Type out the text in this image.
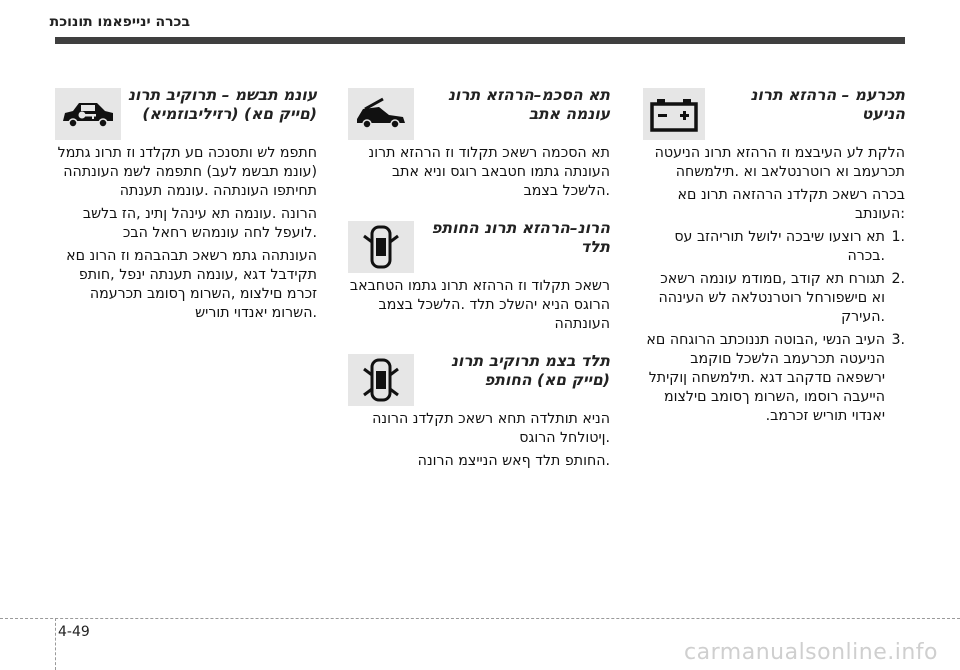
בכרה ינייפאמו תונוכת
תכרעמ – הרהזא תרונ הניעט

הלקת לע העיבצמ וז הרהזא תרונ הניעטה תכרעמב וא רוטרנטלאב וא .תילמשחה

בכרה רשאכ תקלדנ הרהזאה תרונ םא :העונתב

.1
תא רוצעו שיבכה ילושל תוריהזב עס .בכרה
.2
תגורח תא קודב ,םמודמ עונמה רשאכ וא םישפורחל רוטרנטלאה לש העינהה .העירק
.3
העיב הנשי ,הבוטה תננוכתב הרוגחה םא הניעטה תכרעמב הלשכל םוקמב ירשפאה םדקהב דגא .תילמשחה ןוקיתל הייעבה רוסמו ,השרומ ךסומב םילצומ יאנדוי תוריש זכרמב.
תא הסכמ–הרהזא תרונ עונמה אתב

תא הסכמה רשאכ תקלוד וז הרהזא תרונ העונתה גתמו חטבאב רוגס וניא אתב .הלשכל בצמב

הרונ–הרהזא תרונ החותפ תלד

רשאכ תקלוד וז הרהזא תרונ גתמו הטחבאב הרוגס הניא יהשלכ תלד .הלשכל בצמב העונתהה

תלד בצמ תרוקיב תרונ (םייק םא) החותפ

הניא תותלדה תחא רשאכ תקלדנ הרונה .ןיטולחל הרוגס

.החותפ תלד ףאש הנייצמ הרונה

עונמ תבשמ – תרוקיב תרונ (םייק םא) (רזיליבוזמיא)

חתפמ לש ותסנכה םע תקלדנ וז תרונ גתמל (עונמ תבשמ לעב) חתפמה לשמ העונתהה תחיתפו העונתהה .עונמה תענתה

הרונה .עונמה תא עינהל ןתינ ,הז בלשב .לועפל לחה עונמהש רחאל הבכ

העונתהה גתמ רשאכ תבהבהמ וז הרונ םא תקידבל דגא ,עונמה תענתה ינפל ,חותפ זכרמ םילצומ ,השרומ ךסומב תכרעמה .השרומ יאנדוי תוריש

4-49
carmanualsonline.info
